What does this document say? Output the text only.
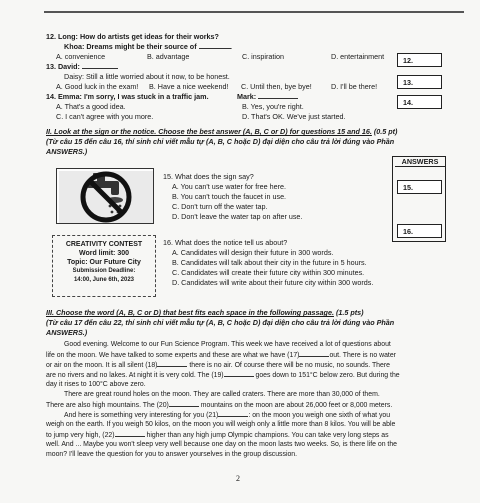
12. Long: How do artists get ideas for their works?
Khoa: Dreams might be their source of	.
A. convenience	B. advantage	C. inspiration	D. entertainment	12.
13. David:
Daisy: Still a little worried about it now, to be honest.
A. Good luck in the exam! B. Have a nice weekend! C. Until then, bye bye!	D. I'll be there!	13.
14. Emma: I'm sorry, I was stuck in a traffic jam.	Mark:
A. That's a good idea.	B. Yes, you're right.
C. I can't agree with you more.	D. That's OK. We've just started.
14.
II. Look at the sign or the notice. Choose the best answer (A, B, C or D) for questions 15 and 16. (0.5 pt)
(Từ câu 15 đến câu 16, thí sinh chỉ viết mẫu tự (A, B, C hoặc D) đại diện cho câu trả lời đúng vào Phần
ANSWERS.)
ANSWERS
15.
16.
15. What does the sign say?
A. You can't use water for free here.
B. You can't touch the faucet in use.
C. Don't turn off the water tap.
D. Don't leave the water tap on after use.
CREATIVITY CONTEST
Word limit: 300
Topic: Our Future City
Submission Deadline:
14:00, June 6th, 2023
16. What does the notice tell us about?
A. Candidates will design their future in 300 words.
B. Candidates will talk about their city in the future in 5 hours.
C. Candidates will create their future city within 300 minutes.
D. Candidates will write about their future city within 300 words.
III. Choose the word (A, B, C or D) that best fits each space in the following passage. (1.5 pts)
(Từ câu 17 đến câu 22, thí sinh chỉ viết mẫu tự (A, B, C hoặc D) đại diện cho câu trả lời đúng vào Phần
ANSWERS.)
Good evening. Welcome to our Fun Science Program. This week we have received a lot of questions about
life on the moon. We have talked to some experts and these are what we have (17)	out. There is no water
or air on the moon. It is all silent (18)	there is no air. Of course there will be no music, no sounds. There
are no rivers and no lakes. At night it is very cold. The (19)	goes down to 151°C below zero. But during the
day it rises to 100°C above zero.
There are great round holes on the moon. They are called craters. There are more than 30,000 of them.
There are also high mountains. The (20)	mountains on the moon are about 26,000 feet or 8,000 meters.
And here is something very interesting for you (21)	: on the moon you weigh one sixth of what you
weigh on the earth. If you weigh 50 kilos, on the moon you will weigh only a little more than 8 kilos. You will be able
to jump very high, (22)	higher than any high jump Olympic champions. You can take very long steps as
well. And ... Maybe you won't sleep very well because one day on the moon lasts two weeks. So, is there life on the
moon? I'll leave the question for you to answer yourselves in the group discussion.
2
